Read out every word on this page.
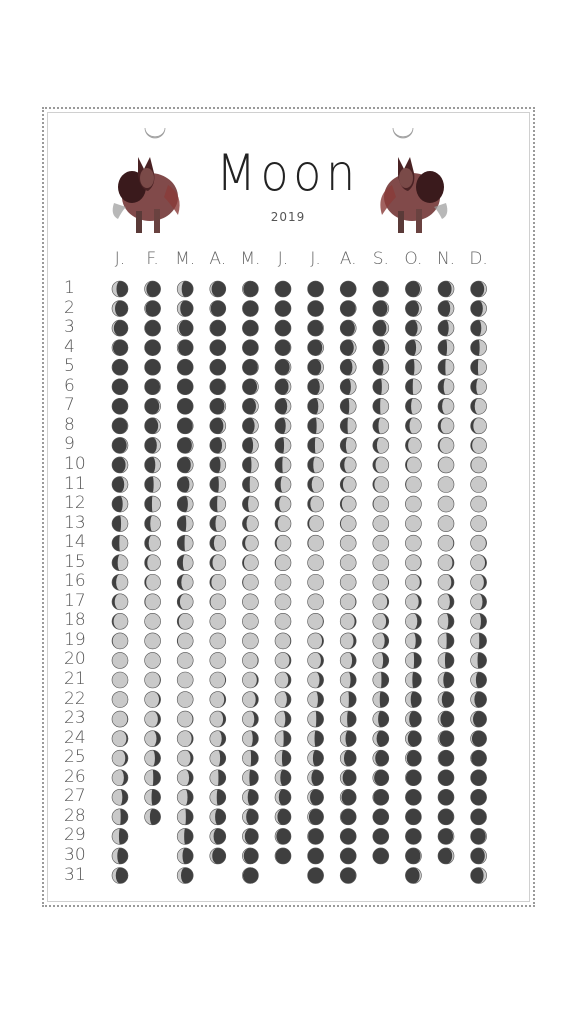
Moon
2019
J.	F. M. A. M.	J.	J.	A. S. O. N. D.
1
2
3
4
5
6
7
8
9
10
11
12
13
14
15
16
17
18
19
20
21
22
23
24
25
26
27
28
29
30
31
